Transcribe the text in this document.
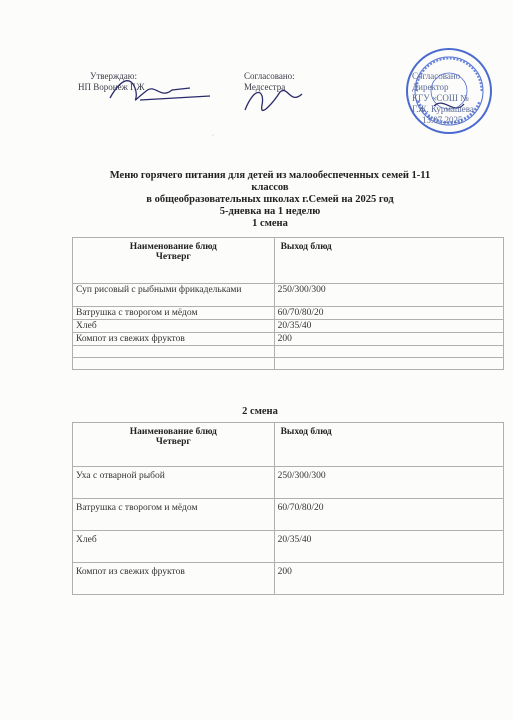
Утверждаю:
НП Воронеж Г.Ж
Согласовано:
Медсестра
Согласовано
Директор
КГУ «СОШ №
Г.Ж. Курмашева
13.07.2025
·
Меню горячего питания для детей из малообеспеченных семей 1-11
классов
в общеобразовательных школах г.Семей на 2025 год
5-дневка на 1 неделю
1 смена
Наименование блюд
Четверг	Выход блюд
Суп рисовый с рыбными фрикадельками	250/300/300
Ватрушка с творогом и мёдом	60/70/80/20
Хлеб	20/35/40
Компот из свежих фруктов	200

2 смена
Наименование блюд
Четверг	Выход блюд
Уха с отварной рыбой	250/300/300
Ватрушка с творогом и мёдом	60/70/80/20
Хлеб	20/35/40
Компот из свежих фруктов	200
